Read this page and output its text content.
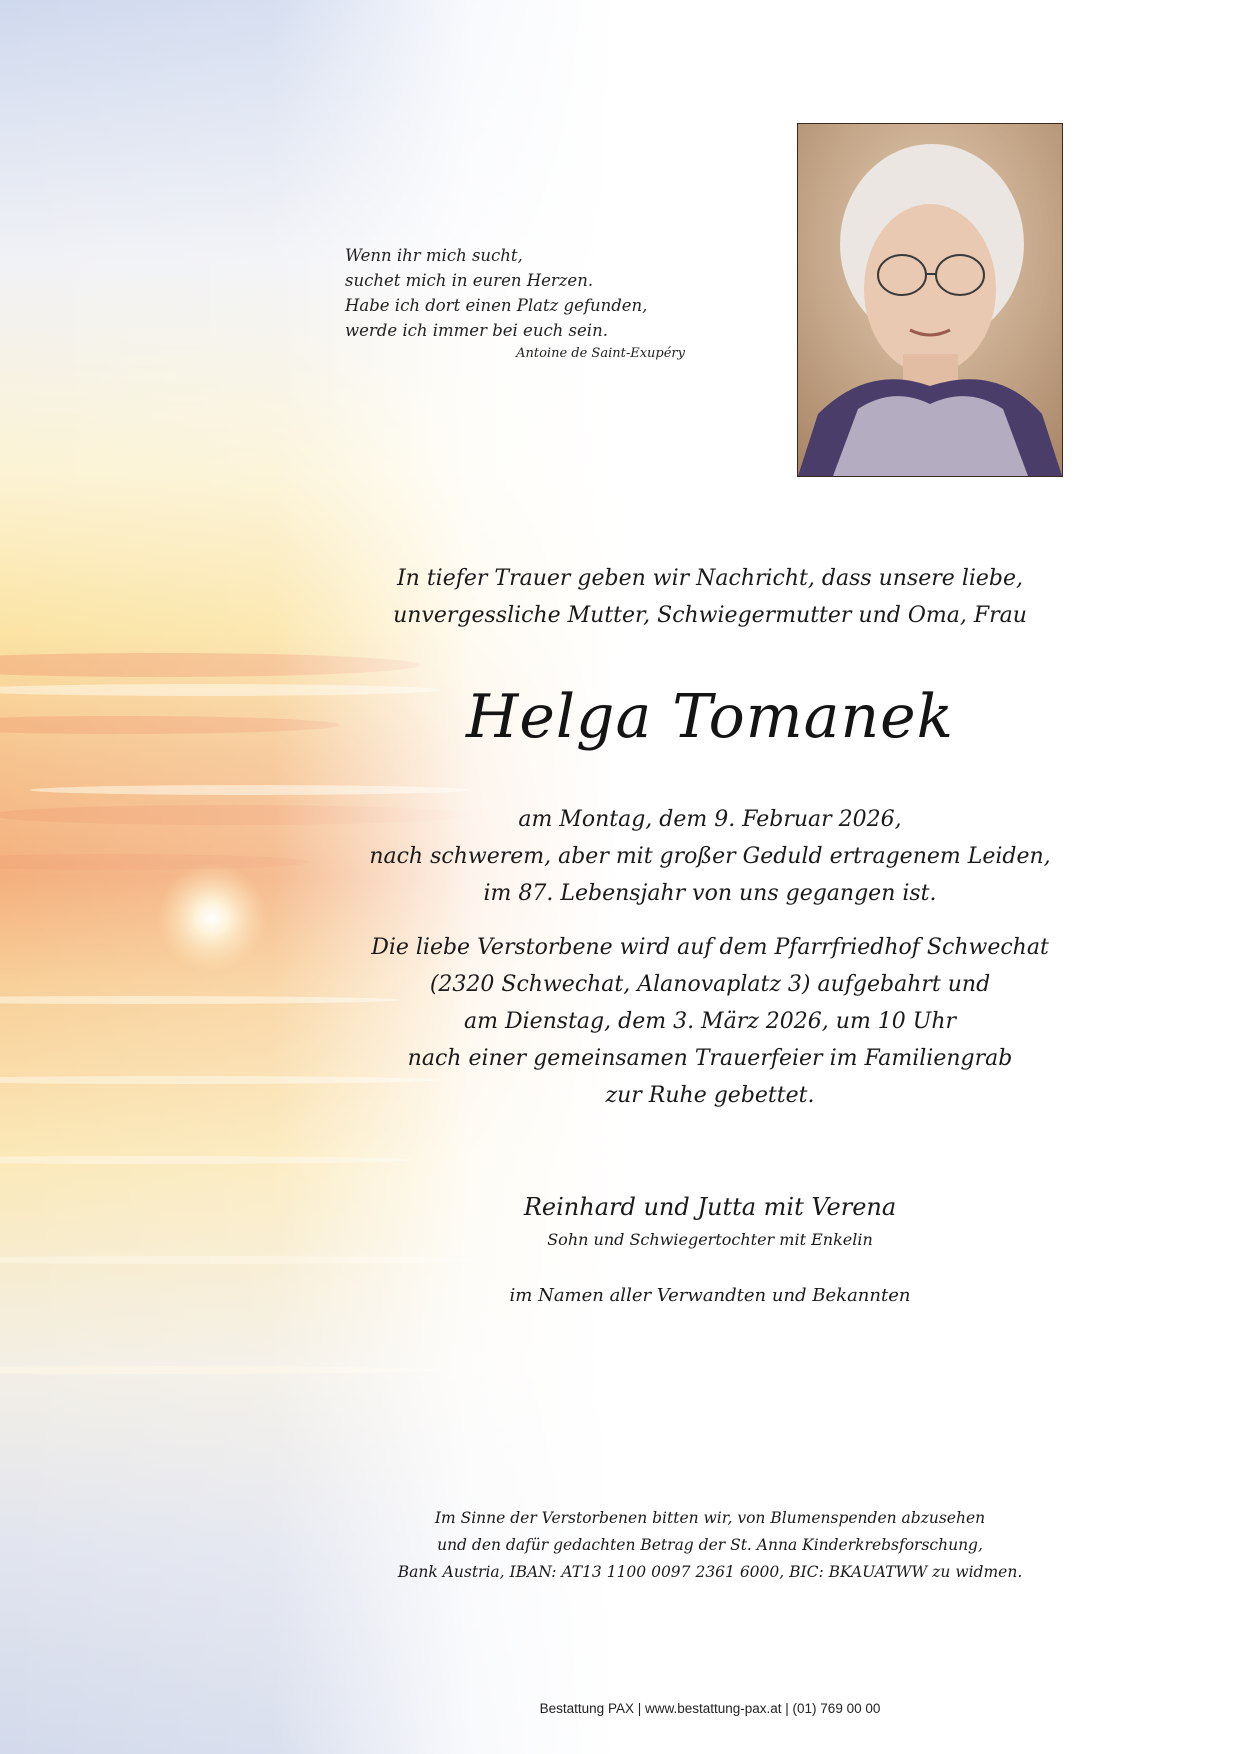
Wenn ihr mich sucht,
suchet mich in euren Herzen.
Habe ich dort einen Platz gefunden,
werde ich immer bei euch sein.
Antoine de Saint-Exupéry
In tiefer Trauer geben wir Nachricht, dass unsere liebe,
unvergessliche Mutter, Schwiegermutter und Oma, Frau
Helga Tomanek
am Montag, dem 9. Februar 2026,
nach schwerem, aber mit großer Geduld ertragenem Leiden,
im 87. Lebensjahr von uns gegangen ist.
Die liebe Verstorbene wird auf dem Pfarrfriedhof Schwechat
(2320 Schwechat, Alanovaplatz 3) aufgebahrt und
am Dienstag, dem 3. März 2026, um 10 Uhr
nach einer gemeinsamen Trauerfeier im Familiengrab
zur Ruhe gebettet.
Reinhard und Jutta mit Verena
Sohn und Schwiegertochter mit Enkelin
im Namen aller Verwandten und Bekannten
Im Sinne der Verstorbenen bitten wir, von Blumenspenden abzusehen
und den dafür gedachten Betrag der St. Anna Kinderkrebsforschung,
Bank Austria, IBAN: AT13 1100 0097 2361 6000, BIC: BKAUATWW zu widmen.
Bestattung PAX | www.bestattung-pax.at | (01) 769 00 00
